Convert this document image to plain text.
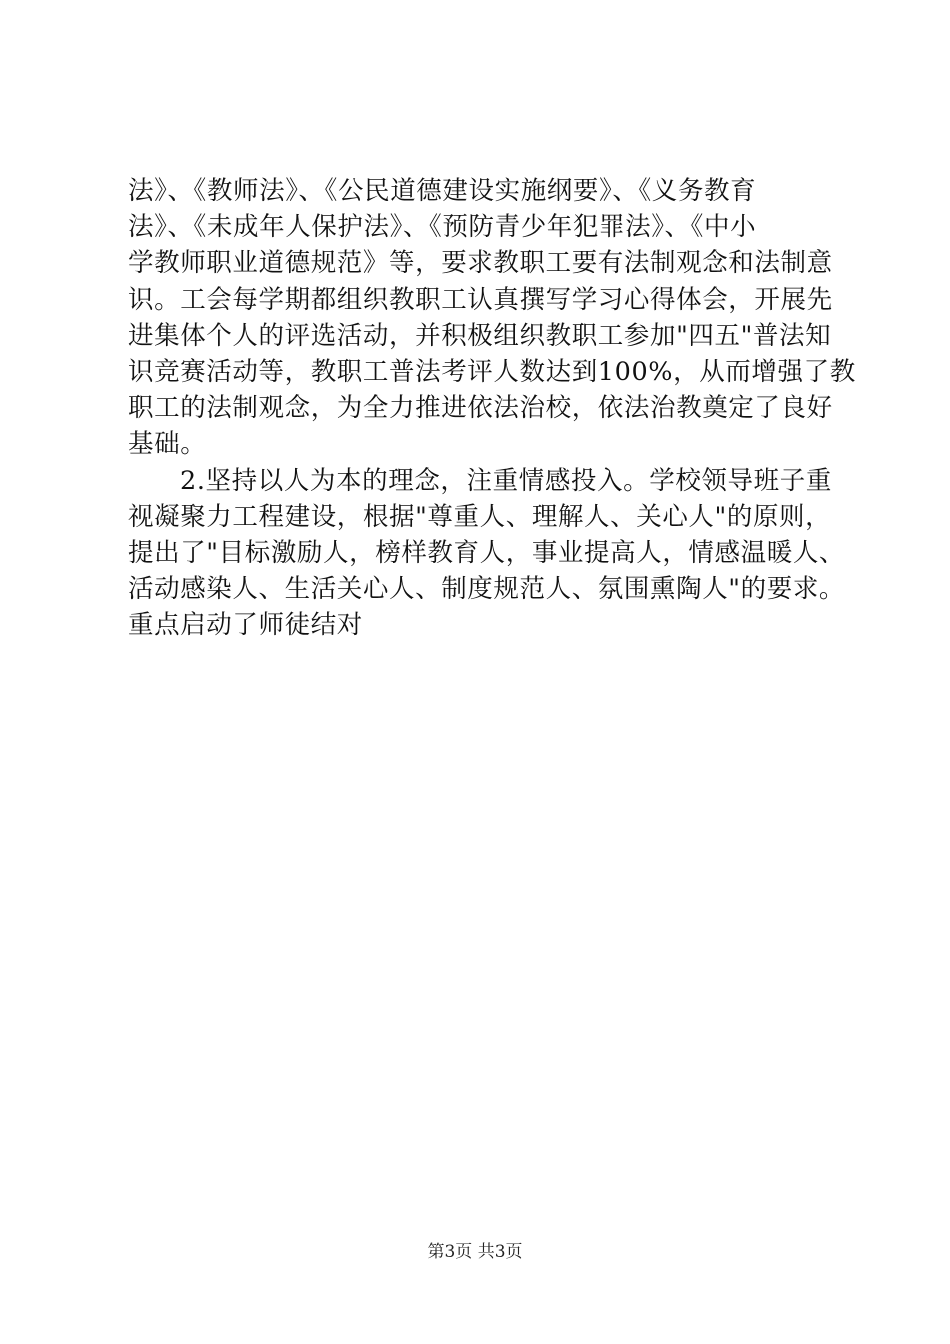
法》、《教师法》、《公民道德建设实施纲要》、《义务教育
法》、《未成年人保护法》、《预防青少年犯罪法》、《中小
学教师职业道德规范》等，要求教职工要有法制观念和法制意
识。工会每学期都组织教职工认真撰写学习心得体会，开展先
进集体个人的评选活动，并积极组织教职工参加"四五"普法知
识竞赛活动等，教职工普法考评人数达到100%，从而增强了教
职工的法制观念，为全力推进依法治校，依法治教奠定了良好
基础。
2.坚持以人为本的理念，注重情感投入。学校领导班子重
视凝聚力工程建设，根据"尊重人、理解人、关心人"的原则，
提出了"目标激励人，榜样教育人，事业提高人，情感温暖人、
活动感染人、生活关心人、制度规范人、氛围熏陶人"的要求。
重点启动了师徒结对
第3页 共3页
